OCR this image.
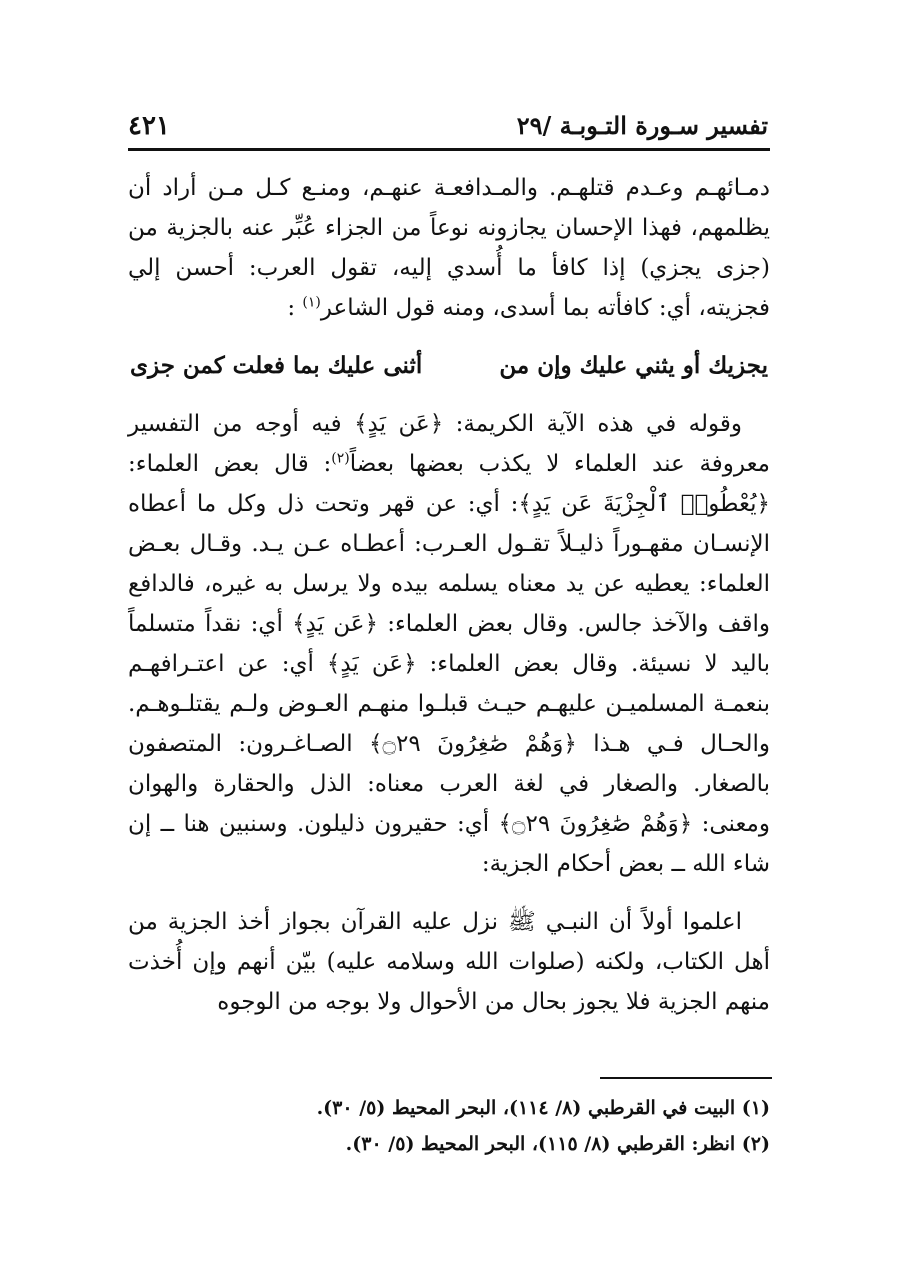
تفسير سـورة التـوبـة /٢٩
٤٢١

دمـائهـم وعـدم قتلهـم. والمـدافعـة عنهـم، ومنـع كـل مـن أراد أن يظلمهم، فهذا الإحسان يجازونه نوعاً من الجزاء عُبِّر عنه بالجزية من (جزى يجزي) إذا كافأ ما أُسدي إليه، تقول العرب: أحسن إلي فجزيته، أي: كافأته بما أسدى، ومنه قول الشاعر$^{(١)}$ :

يجزيك أو يثني عليك وإن من
أثنى عليك بما فعلت كمن جزى

وقوله في هذه الآية الكريمة: ﴿عَن يَدٍ﴾ فيه أوجه من التفسير معروفة عند العلماء لا يكذب بعضها بعضاً$^{(٢)}$: قال بعض العلماء: ﴿يُعْطُوا۟ ٱلْجِزْيَةَ عَن يَدٍ﴾: أي: عن قهر وتحت ذل وكل ما أعطاه الإنسـان مقهـوراً ذليـلاً تقـول العـرب: أعطـاه عـن يـد. وقـال بعـض العلماء: يعطيه عن يد معناه يسلمه بيده ولا يرسل به غيره، فالدافع واقف والآخذ جالس. وقال بعض العلماء: ﴿عَن يَدٍ﴾ أي: نقداً متسلماً باليد لا نسيئة. وقال بعض العلماء: ﴿عَن يَدٍ﴾ أي: عن اعتـرافهـم بنعمـة المسلميـن عليهـم حيـث قبلـوا منهـم العـوض ولـم يقتلـوهـم. والحـال فـي هـذا ﴿وَهُمْ صَٰغِرُونَ ۝٢٩﴾ الصـاغـرون: المتصفون بالصغار. والصغار في لغة العرب معناه: الذل والحقارة والهوان ومعنى: ﴿وَهُمْ صَٰغِرُونَ ۝٢٩﴾ أي: حقيرون ذليلون. وسنبين هنا ــ إن شاء الله ــ بعض أحكام الجزية:

اعلموا أولاً أن النبـي ﷺ نزل عليه القرآن بجواز أخذ الجزية من أهل الكتاب، ولكنه (صلوات الله وسلامه عليه) بيّن أنهم وإن أُخذت منهم الجزية فلا يجوز بحال من الأحوال ولا بوجه من الوجوه

(١) البيت في القرطبي (٨/ ١١٤)، البحر المحيط (٥/ ٣٠).

(٢) انظر: القرطبي (٨/ ١١٥)، البحر المحيط (٥/ ٣٠).
